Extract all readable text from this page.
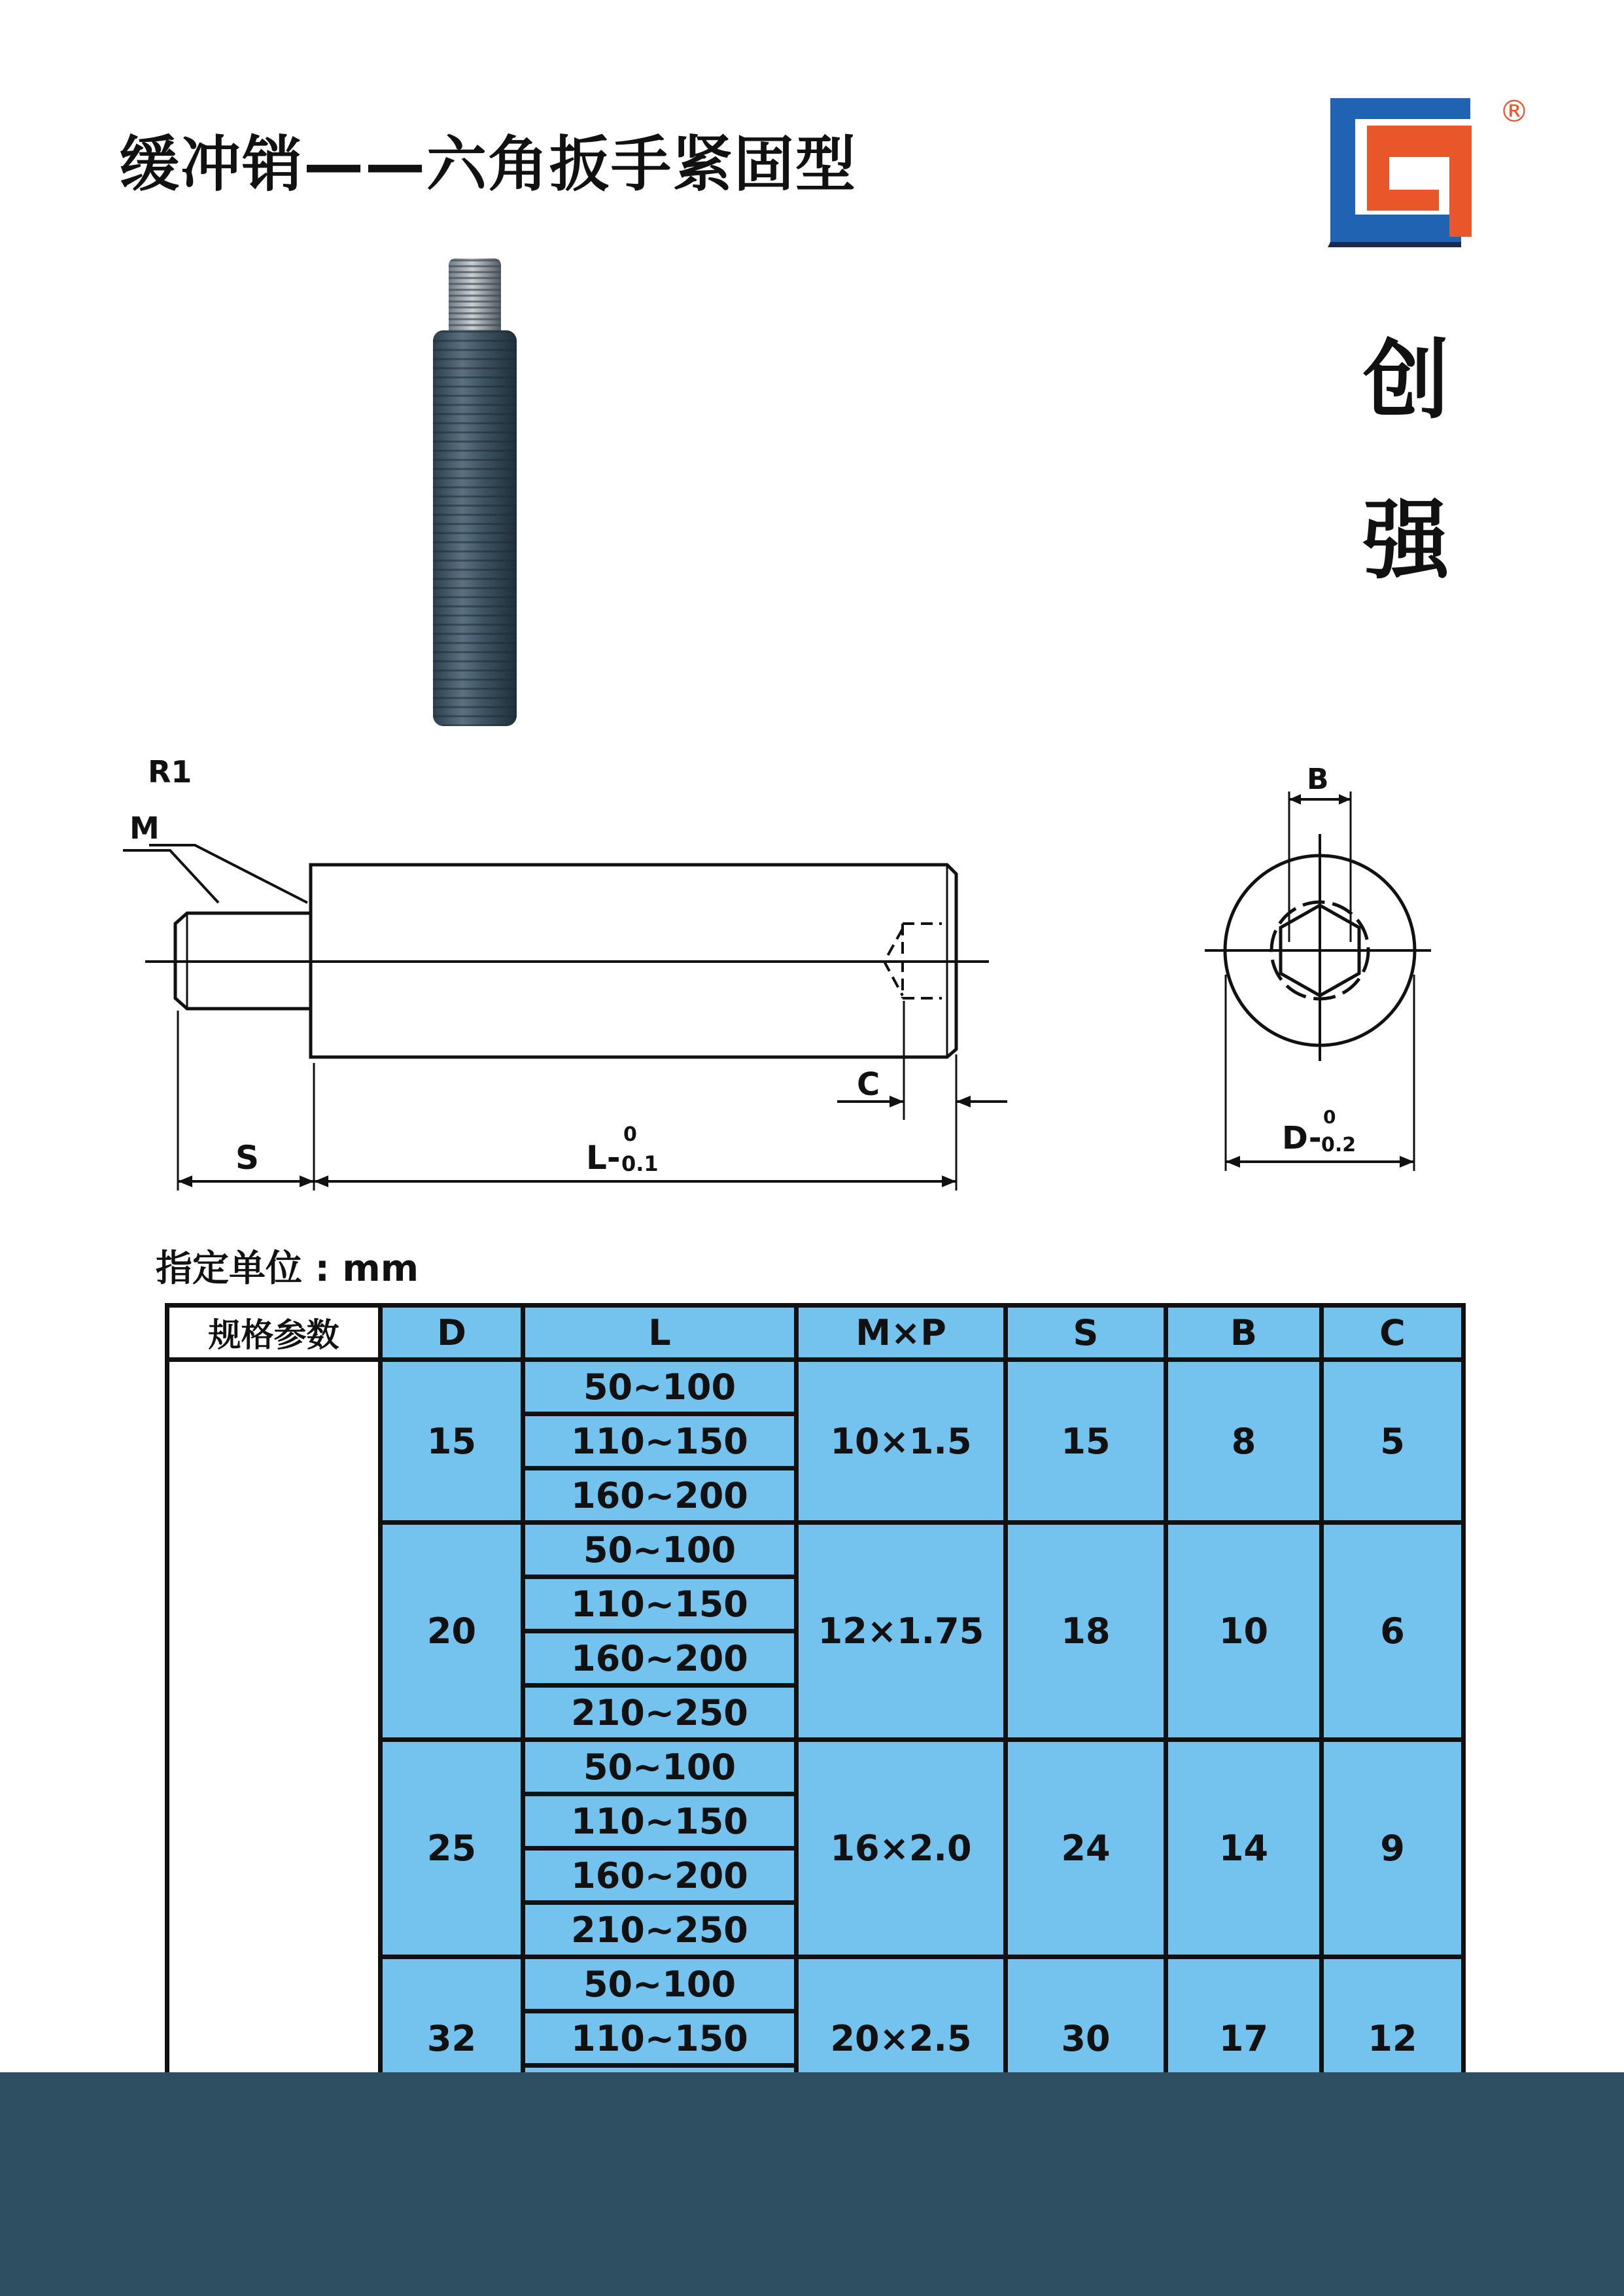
缓冲销——六角扳手紧固型
®
创
强
R1
M
S	L-
0
0.1
C
B
D-
0
0.2
指定单位 : mm
规格参数	D	L	M×P	S	B	C
	15	50~100	10×1.5	15	8	5
		110~150				
		160~200				
	20	50~100	12×1.75	18	10	6
		110~150				
		160~200				
		210~250				
	25	50~100	16×2.0	24	14	9
		110~150				
		160~200				
		210~250				
	32	50~100	20×2.5	30	17	12
		110~150				
